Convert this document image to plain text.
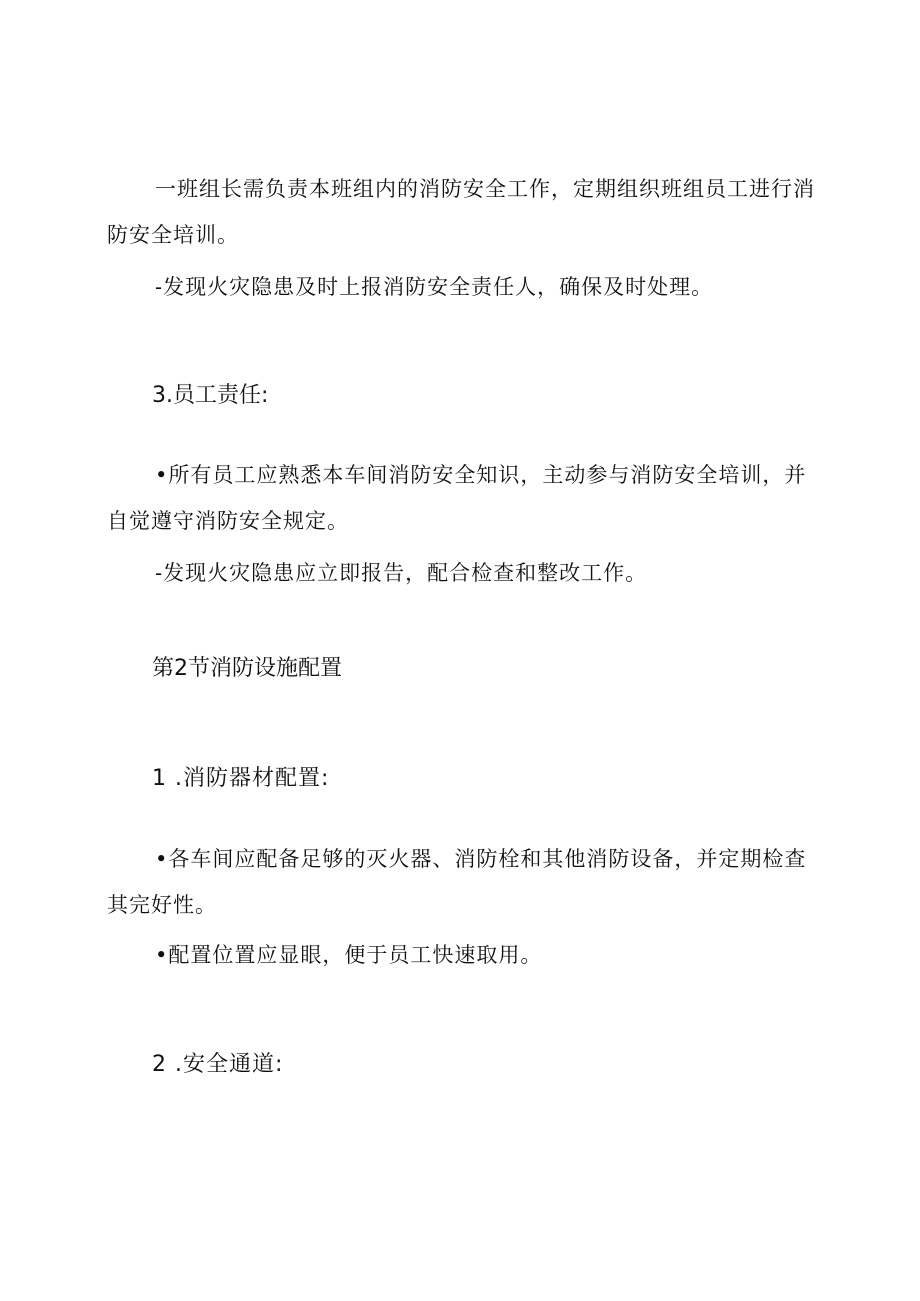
一班组长需负责本班组内的消防安全工作，定期组织班组员工进行消防安全培训。

-发现火灾隐患及时上报消防安全责任人，确保及时处理。

3.员工责任:

•所有员工应熟悉本车间消防安全知识，主动参与消防安全培训，并自觉遵守消防安全规定。

-发现火灾隐患应立即报告，配合检查和整改工作。

第2节消防设施配置
1 .消防器材配置:

•各车间应配备足够的灭火器、消防栓和其他消防设备，并定期检查其完好性。

•配置位置应显眼，便于员工快速取用。

2 .安全通道:
